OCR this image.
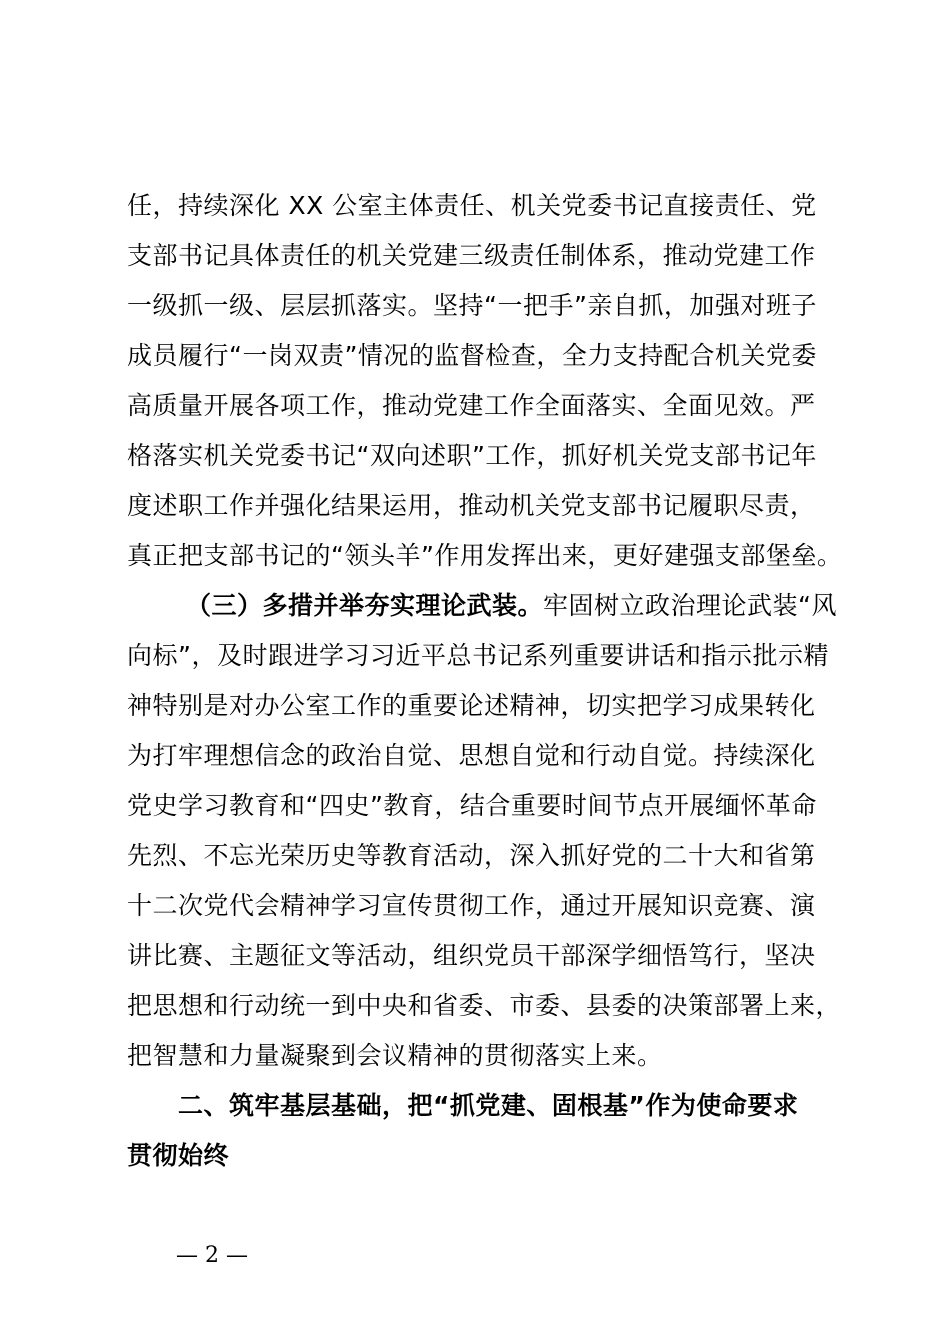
任，持续深化 XX 公室主体责任、机关党委书记直接责任、党
支部书记具体责任的机关党建三级责任制体系，推动党建工作
一级抓一级、层层抓落实。坚持“一把手”亲自抓，加强对班子
成员履行“一岗双责”情况的监督检查，全力支持配合机关党委
高质量开展各项工作，推动党建工作全面落实、全面见效。严
格落实机关党委书记“双向述职”工作，抓好机关党支部书记年
度述职工作并强化结果运用，推动机关党支部书记履职尽责，
真正把支部书记的“领头羊”作用发挥出来，更好建强支部堡垒。
（三）多措并举夯实理论武装。牢固树立政治理论武装“风
向标”，及时跟进学习习近平总书记系列重要讲话和指示批示精
神特别是对办公室工作的重要论述精神，切实把学习成果转化
为打牢理想信念的政治自觉、思想自觉和行动自觉。持续深化
党史学习教育和“四史”教育，结合重要时间节点开展缅怀革命
先烈、不忘光荣历史等教育活动，深入抓好党的二十大和省第
十二次党代会精神学习宣传贯彻工作，通过开展知识竞赛、演
讲比赛、主题征文等活动，组织党员干部深学细悟笃行，坚决
把思想和行动统一到中央和省委、市委、县委的决策部署上来，
把智慧和力量凝聚到会议精神的贯彻落实上来。
二、筑牢基层基础，把“抓党建、固根基”作为使命要求
贯彻始终
— 2 —
